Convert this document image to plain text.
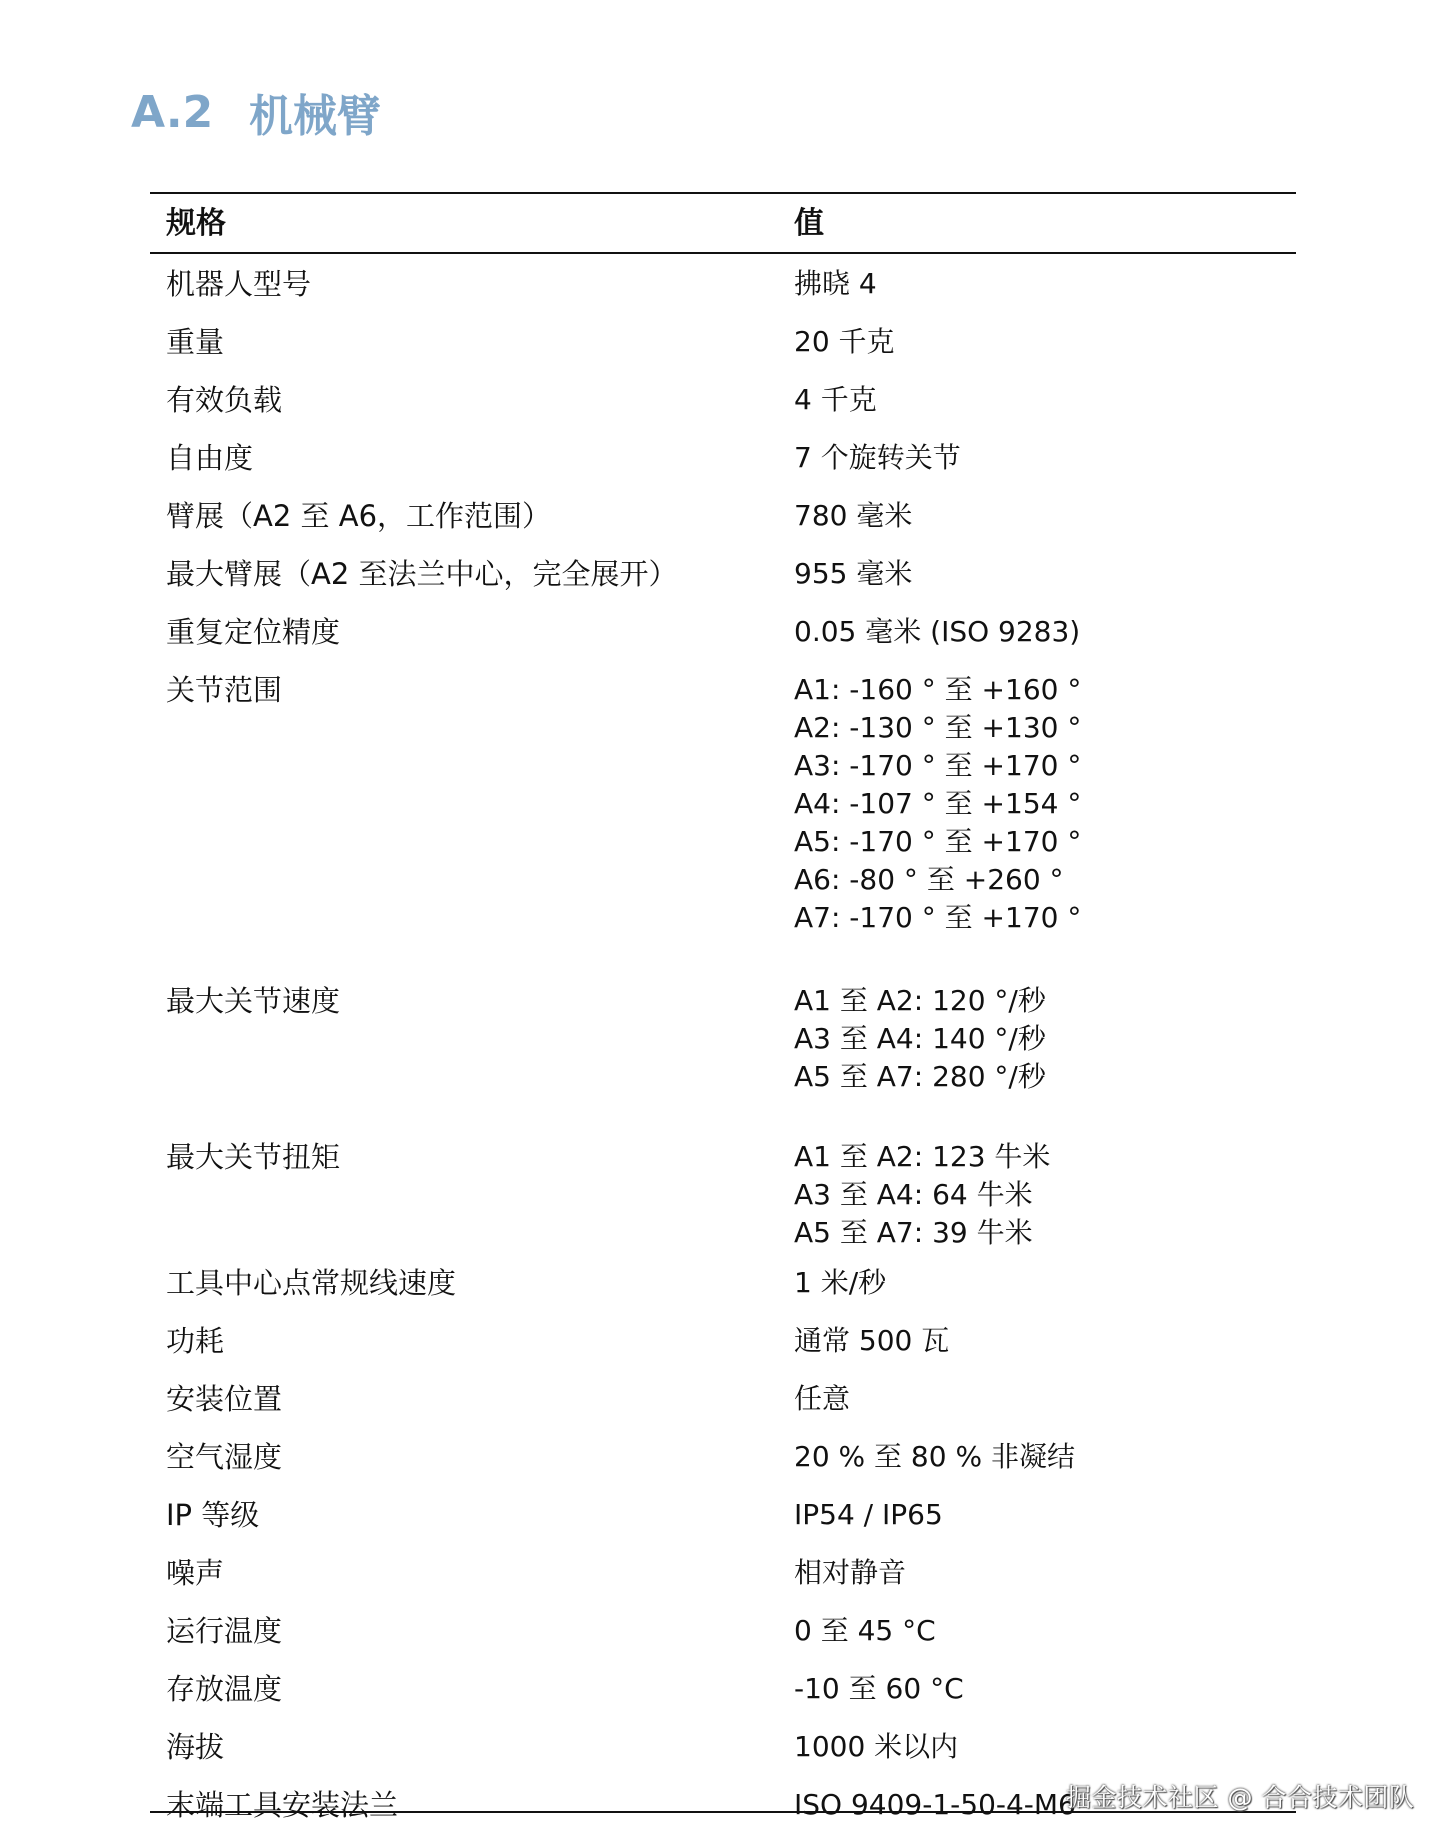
A.2 机械臂
规格	值
机器人型号	拂晓 4
重量	20 千克
有效负载	4 千克
自由度	7 个旋转关节
臂展（A2 至 A6，工作范围）	780 毫米
最大臂展（A2 至法兰中心，完全展开）	955 毫米
重复定位精度	0.05 毫米 (ISO 9283)
关节范围	A1: -160 ° 至 +160 °
A2: -130 ° 至 +130 °
A3: -170 ° 至 +170 °
A4: -107 ° 至 +154 °
A5: -170 ° 至 +170 °
A6: -80 ° 至 +260 °
A7: -170 ° 至 +170 °
最大关节速度	A1 至 A2: 120 °/秒
A3 至 A4: 140 °/秒
A5 至 A7: 280 °/秒
最大关节扭矩	A1 至 A2: 123 牛米
A3 至 A4: 64 牛米
A5 至 A7: 39 牛米
工具中心点常规线速度	1 米/秒
功耗	通常 500 瓦
安装位置	任意
空气湿度	20 % 至 80 % 非凝结
IP 等级	IP54 / IP65
噪声	相对静音
运行温度	0 至 45 °C
存放温度	-10 至 60 °C
海拔	1000 米以内
末端工具安装法兰	ISO 9409-1-50-4-M6
掘金技术社区 @ 合合技术团队
